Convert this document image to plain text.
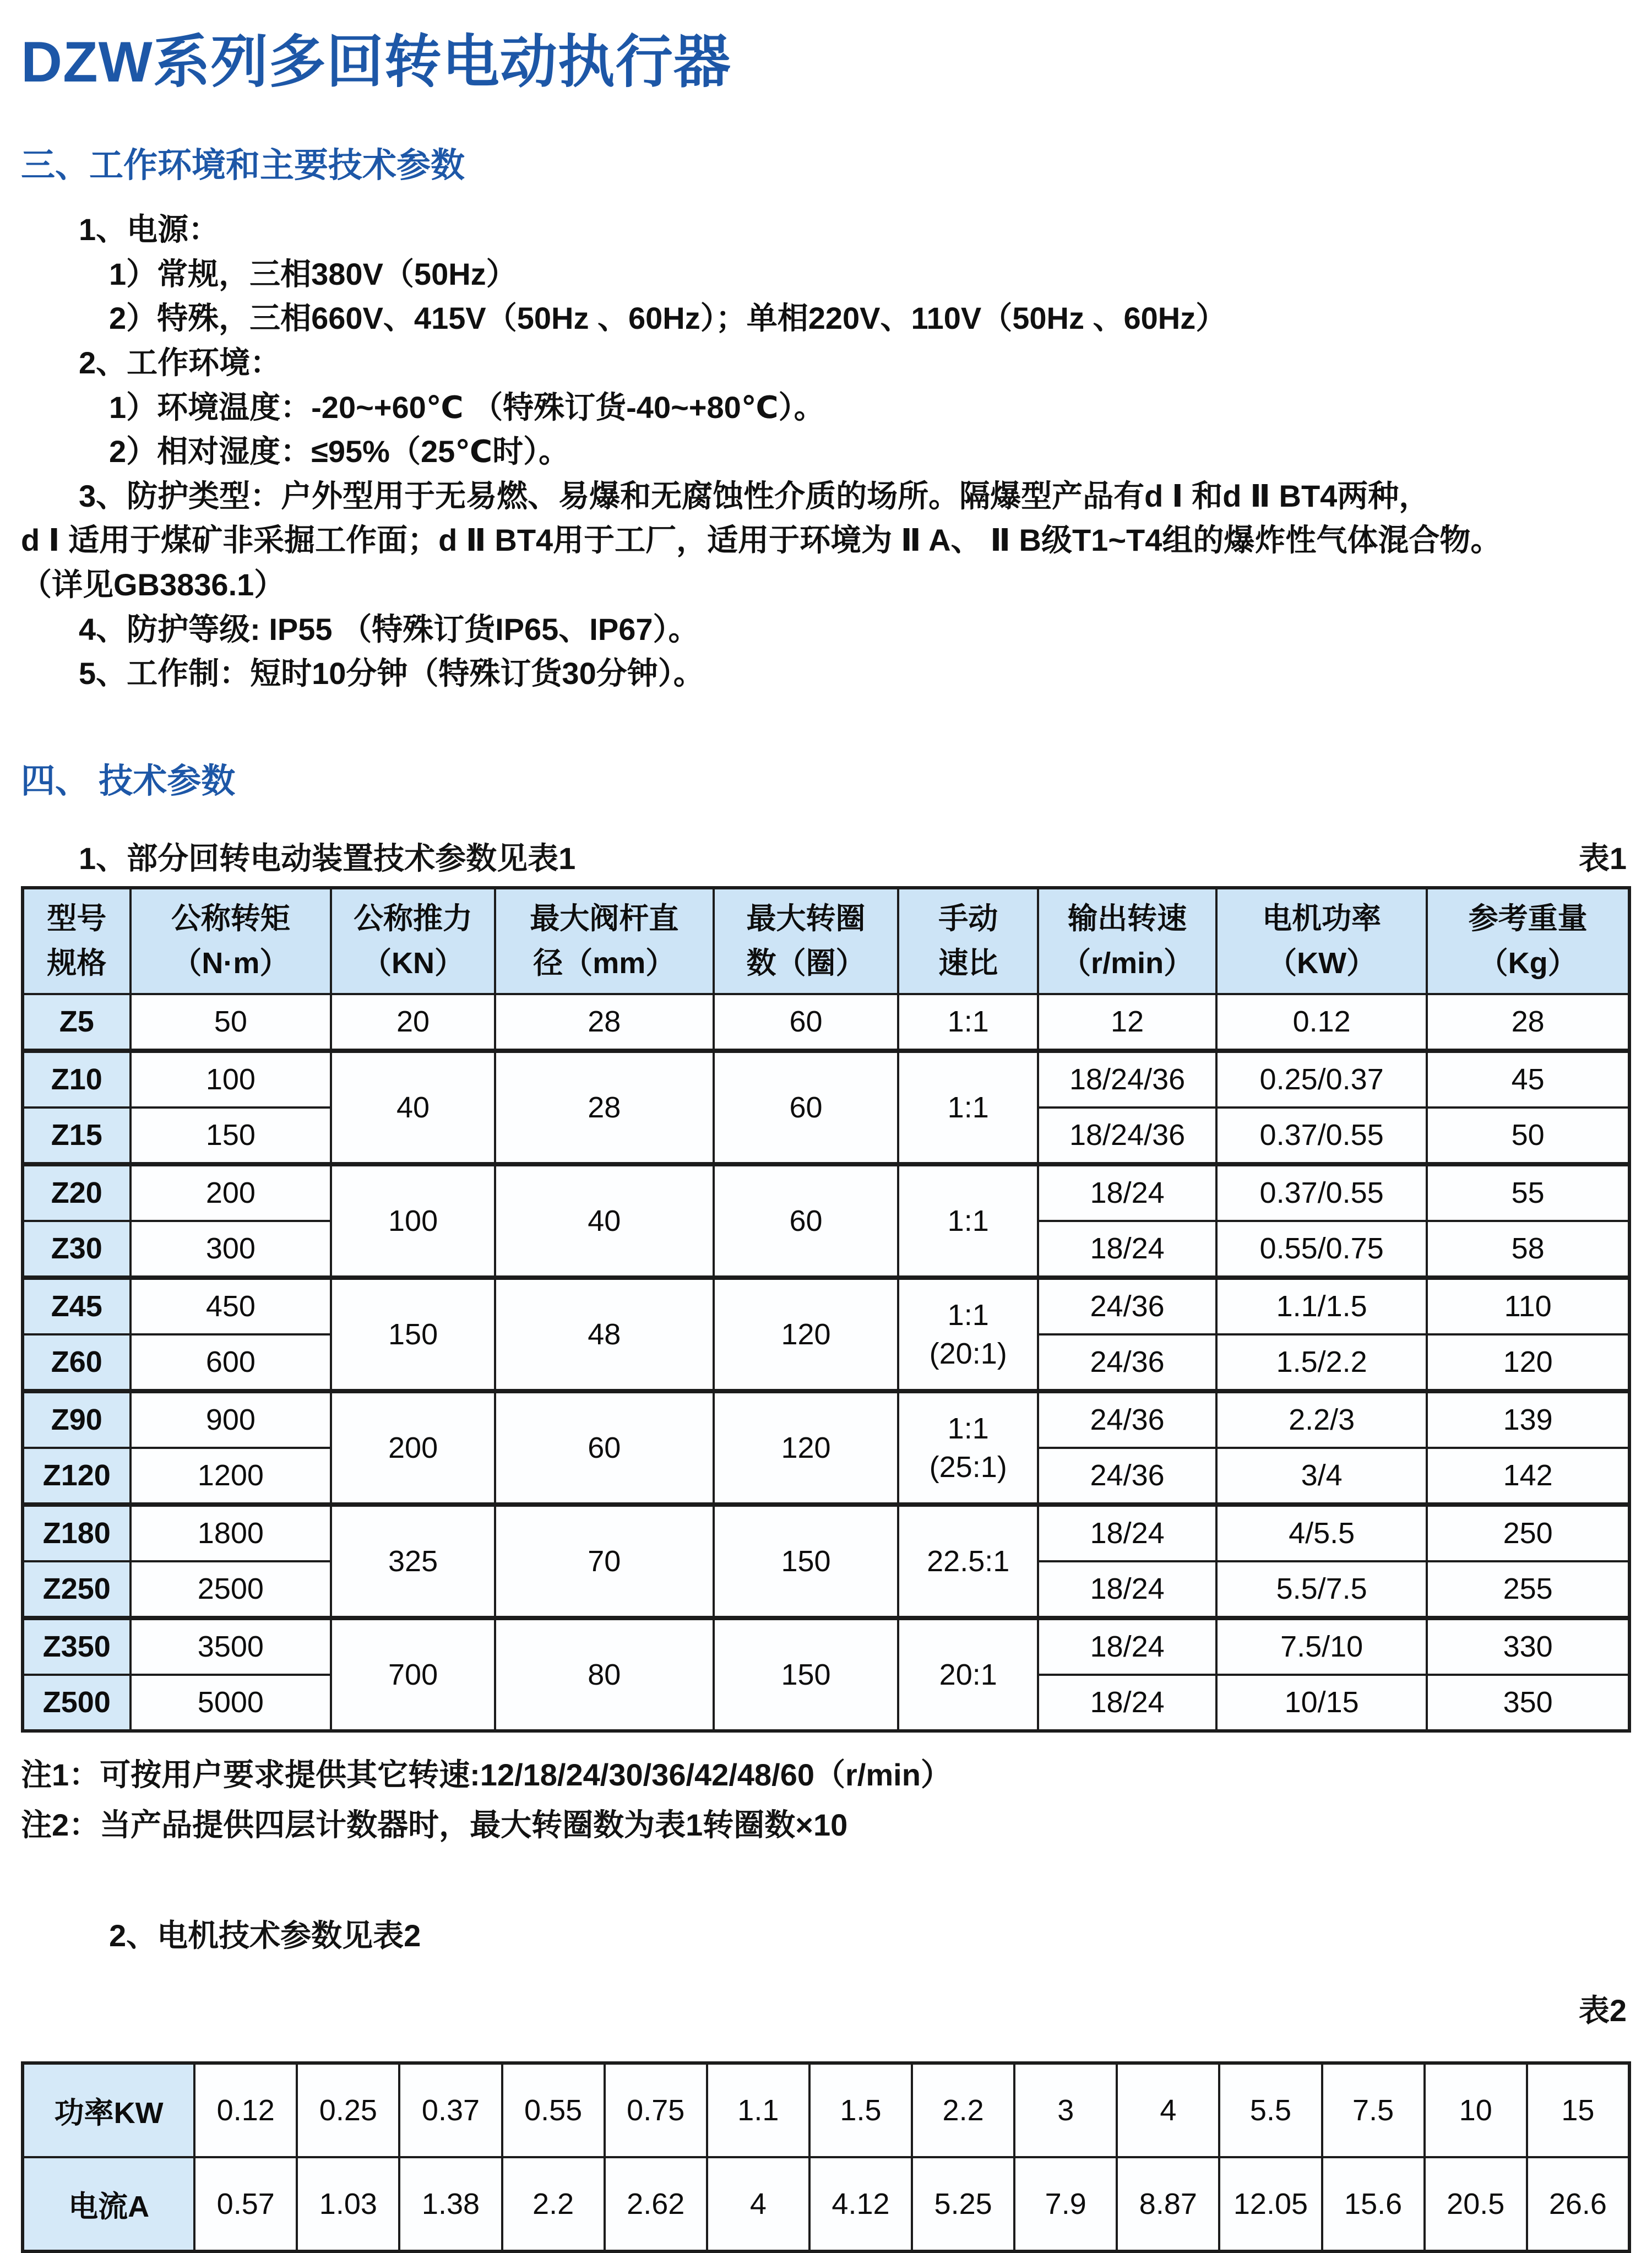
DZW系列多回转电动执行器
三、工作环境和主要技术参数

1、电源：

1）常规，三相380V（50Hz）

2）特殊，三相660V、415V（50Hz 、60Hz）；单相220V、110V（50Hz 、60Hz）

2、工作环境：

1）环境温度：-20~+60℃ （特殊订货-40~+80℃）。

2）相对湿度：≤95%（25℃时）。

3、防护类型：户外型用于无易燃、易爆和无腐蚀性介质的场所。隔爆型产品有d Ⅰ 和d Ⅱ BT4两种，

d Ⅰ 适用于煤矿非采掘工作面；d Ⅱ BT4用于工厂，适用于环境为 Ⅱ A、 Ⅱ B级T1~T4组的爆炸性气体混合物。

（详见GB3836.1）

4、防护等级: IP55 （特殊订货IP65、IP67）。

5、工作制：短时10分钟（特殊订货30分钟）。

四、 技术参数
1、部分回转电动装置技术参数见表1	表1
型号
规格	公称转矩
（N·m）	公称推力
（KN）	最大阀杆直
径（mm）	最大转圈
数（圈）	手动
速比	输出转速
（r/min）	电机功率
（KW）	参考重量
（Kg）
Z5	50	20	28	60	1:1	12	0.12	28
Z10	100	40	28	60	1:1	18/24/36	0.25/0.37	45
Z15	150					18/24/36	0.37/0.55	50
Z20	200	100	40	60	1:1	18/24	0.37/0.55	55
Z30	300					18/24	0.55/0.75	58
Z45	450	150	48	120	1:1
(20:1)	24/36	1.1/1.5	110
Z60	600					24/36	1.5/2.2	120
Z90	900	200	60	120	1:1
(25:1)	24/36	2.2/3	139
Z120	1200					24/36	3/4	142
Z180	1800	325	70	150	22.5:1	18/24	4/5.5	250
Z250	2500					18/24	5.5/7.5	255
Z350	3500	700	80	150	20:1	18/24	7.5/10	330
Z500	5000					18/24	10/15	350

注1：可按用户要求提供其它转速:12/18/24/30/36/42/48/60（r/min）

注2：当产品提供四层计数器时，最大转圈数为表1转圈数×10

2、电机技术参数见表2

表2

功率KW	0.12	0.25	0.37	0.55	0.75	1.1	1.5	2.2	3	4	5.5	7.5	10	15
电流A	0.57	1.03	1.38	2.2	2.62	4	4.12	5.25	7.9	8.87	12.05	15.6	20.5	26.6
